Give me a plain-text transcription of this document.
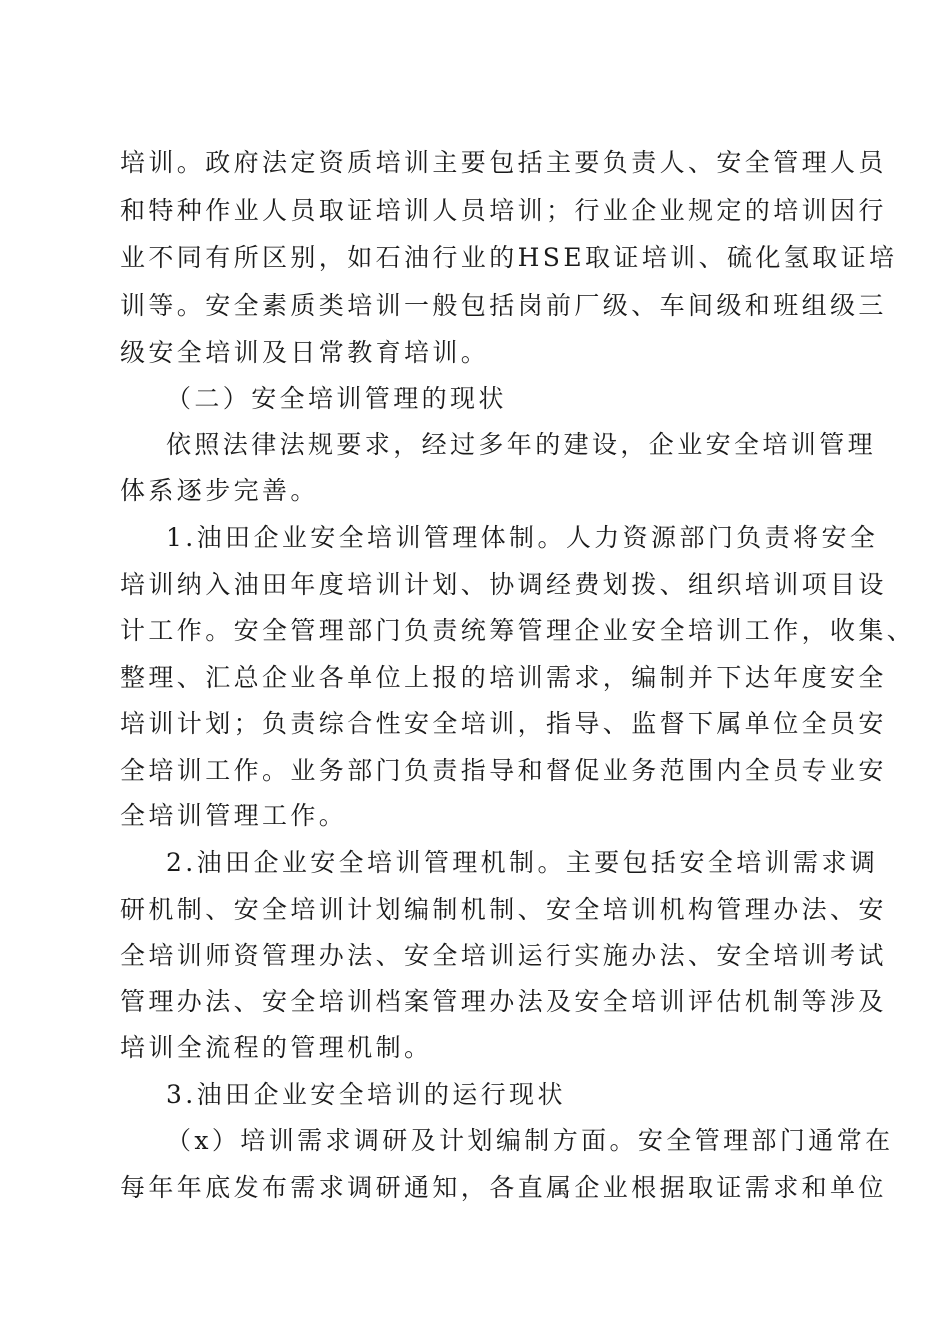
培训。政府法定资质培训主要包括主要负责人、安全管理人员
和特种作业人员取证培训人员培训；行业企业规定的培训因行
业不同有所区别，如石油行业的HSE取证培训、硫化氢取证培
训等。安全素质类培训一般包括岗前厂级、车间级和班组级三
级安全培训及日常教育培训。
（二）安全培训管理的现状
依照法律法规要求，经过多年的建设，企业安全培训管理
体系逐步完善。
1.油田企业安全培训管理体制。人力资源部门负责将安全
培训纳入油田年度培训计划、协调经费划拨、组织培训项目设
计工作。安全管理部门负责统筹管理企业安全培训工作，收集、
整理、汇总企业各单位上报的培训需求，编制并下达年度安全
培训计划；负责综合性安全培训，指导、监督下属单位全员安
全培训工作。业务部门负责指导和督促业务范围内全员专业安
全培训管理工作。
2.油田企业安全培训管理机制。主要包括安全培训需求调
研机制、安全培训计划编制机制、安全培训机构管理办法、安
全培训师资管理办法、安全培训运行实施办法、安全培训考试
管理办法、安全培训档案管理办法及安全培训评估机制等涉及
培训全流程的管理机制。
3.油田企业安全培训的运行现状
（x）培训需求调研及计划编制方面。安全管理部门通常在
每年年底发布需求调研通知，各直属企业根据取证需求和单位
